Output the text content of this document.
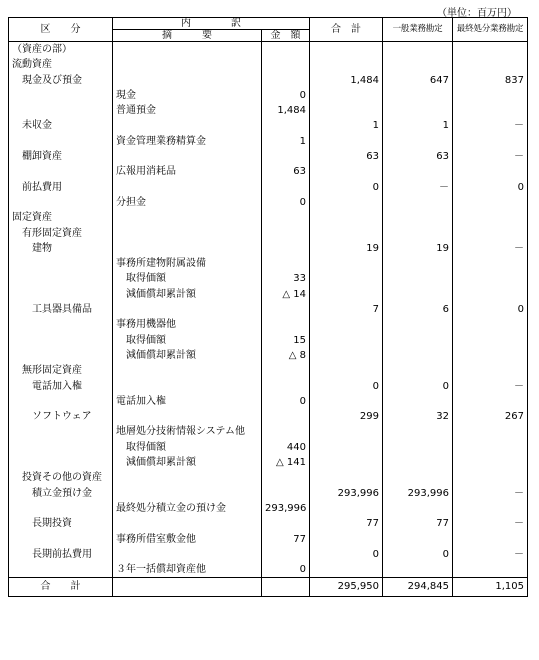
（単位：百万円）
区　　分	内　　　　訳		合　計	一般業務勘定	最終処分業務勘定
	摘　　　要	金　額			
（資産の部）					
流動資産					
　現金及び預金			1,484	647	837
	現金	0			
	普通預金	1,484			
　未収金			1	1	－
	資金管理業務精算金	1			
　棚卸資産			63	63	－
	広報用消耗品	63			
　前払費用			0	－	0
	分担金	0			
固定資産					
　有形固定資産					
　　建物			19	19	－
	事務所建物附属設備				
	　取得価額	33			
	　減価償却累計額	△ 14			
　　工具器具備品			7	6	0
	事務用機器他				
	　取得価額	15			
	　減価償却累計額	△ 8			
　無形固定資産					
　　電話加入権			0	0	－
	電話加入権	0			
　　ソフトウェア			299	32	267
	地層処分技術情報システム他				
	　取得価額	440			
	　減価償却累計額	△ 141			
　投資その他の資産					
　　積立金預け金			293,996	293,996	－
	最終処分積立金の預け金	293,996			
　　長期投資			77	77	－
	事務所借室敷金他	77			
　　長期前払費用			0	0	－
	３年一括償却資産他	0			
合　　計			295,950	294,845	1,105
